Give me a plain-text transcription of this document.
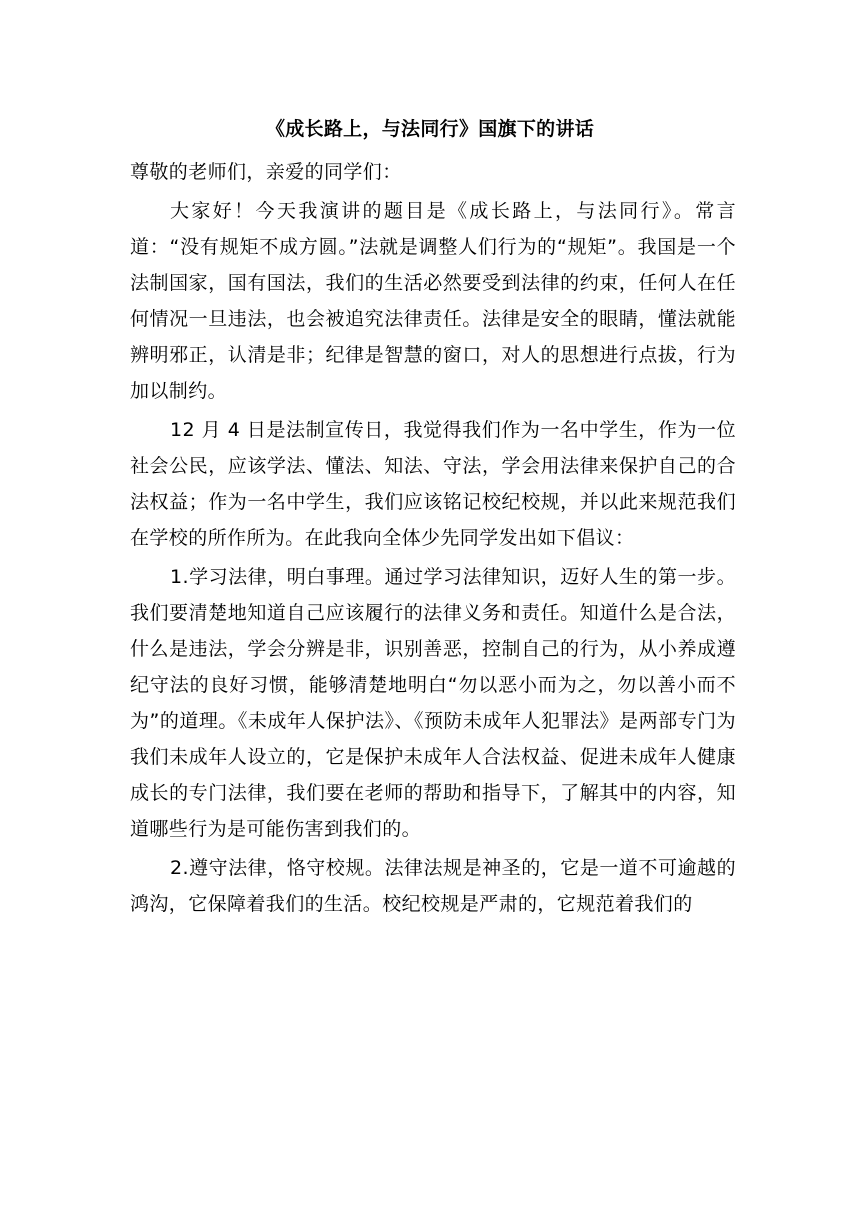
《成长路上，与法同行》国旗下的讲话

尊敬的老师们，亲爱的同学们：

大家好！今天我演讲的题目是《成长路上，与法同行》。常言道：“没有规矩不成方圆。”法就是调整人们行为的“规矩”。我国是一个法制国家，国有国法，我们的生活必然要受到法律的约束，任何人在任何情况一旦违法，也会被追究法律责任。法律是安全的眼睛，懂法就能辨明邪正，认清是非；纪律是智慧的窗口，对人的思想进行点拔，行为加以制约。

12 月 4 日是法制宣传日，我觉得我们作为一名中学生，作为一位社会公民，应该学法、懂法、知法、守法，学会用法律来保护自己的合法权益；作为一名中学生，我们应该铭记校纪校规，并以此来规范我们在学校的所作所为。在此我向全体少先同学发出如下倡议：

1.学习法律，明白事理。通过学习法律知识，迈好人生的第一步。我们要清楚地知道自己应该履行的法律义务和责任。知道什么是合法，什么是违法，学会分辨是非，识别善恶，控制自己的行为，从小养成遵纪守法的良好习惯，能够清楚地明白“勿以恶小而为之，勿以善小而不为”的道理。《未成年人保护法》、《预防未成年人犯罪法》是两部专门为我们未成年人设立的，它是保护未成年人合法权益、促进未成年人健康成长的专门法律，我们要在老师的帮助和指导下，了解其中的内容，知道哪些行为是可能伤害到我们的。

2.遵守法律，恪守校规。法律法规是神圣的，它是一道不可逾越的鸿沟，它保障着我们的生活。校纪校规是严肃的，它规范着我们的
